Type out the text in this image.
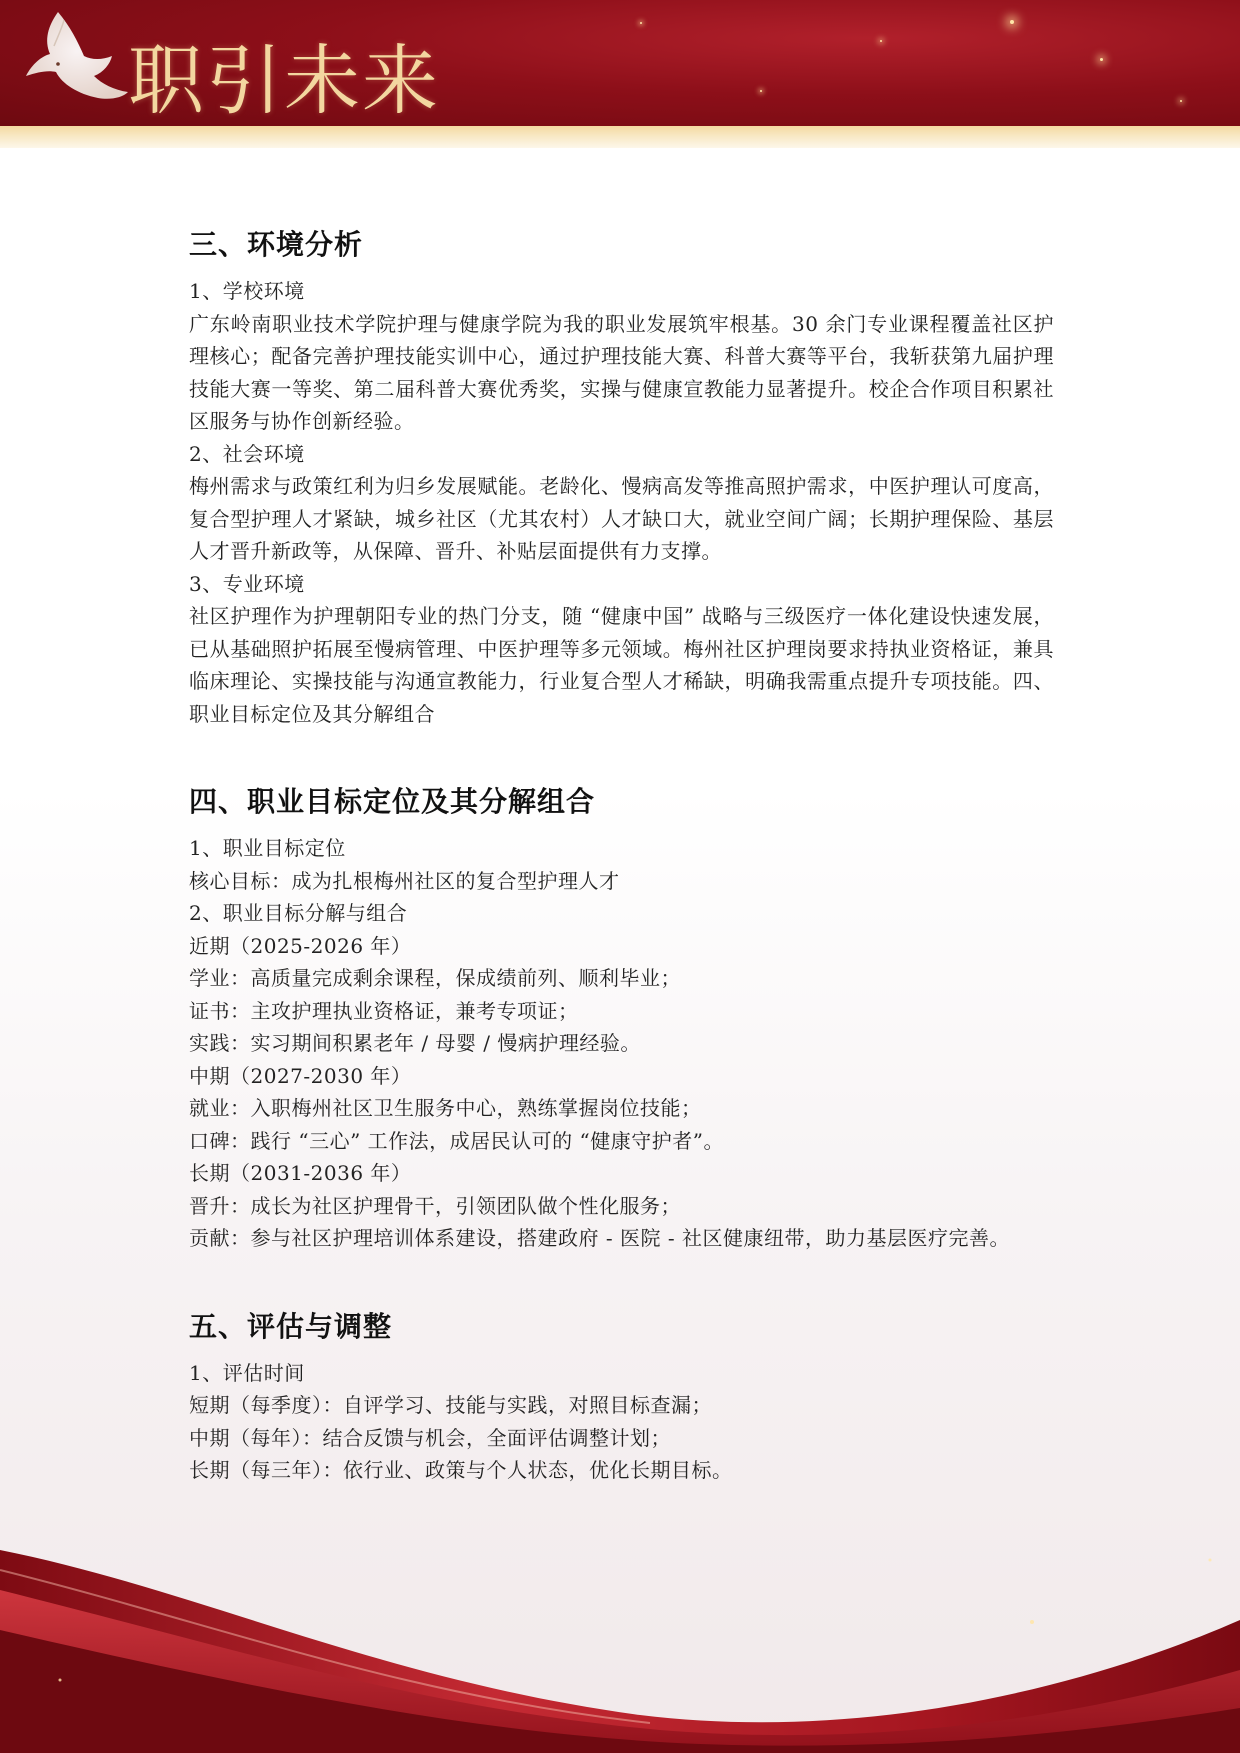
职引未来
三、环境分析

1、学校环境

广东岭南职业技术学院护理与健康学院为我的职业发展筑牢根基。30 余门专业课程覆盖社区护理核心；配备完善护理技能实训中心，通过护理技能大赛、科普大赛等平台，我斩获第九届护理技能大赛一等奖、第二届科普大赛优秀奖，实操与健康宣教能力显著提升。校企合作项目积累社区服务与协作创新经验。

2、社会环境

梅州需求与政策红利为归乡发展赋能。老龄化、慢病高发等推高照护需求，中医护理认可度高，复合型护理人才紧缺，城乡社区（尤其农村）人才缺口大，就业空间广阔；长期护理保险、基层人才晋升新政等，从保障、晋升、补贴层面提供有力支撑。

3、专业环境

社区护理作为护理朝阳专业的热门分支，随 “健康中国” 战略与三级医疗一体化建设快速发展，已从基础照护拓展至慢病管理、中医护理等多元领域。梅州社区护理岗要求持执业资格证，兼具临床理论、实操技能与沟通宣教能力，行业复合型人才稀缺，明确我需重点提升专项技能。四、职业目标定位及其分解组合

四、职业目标定位及其分解组合

1、职业目标定位

核心目标：成为扎根梅州社区的复合型护理人才

2、职业目标分解与组合

近期（2025-2026 年）

学业：高质量完成剩余课程，保成绩前列、顺利毕业；

证书：主攻护理执业资格证，兼考专项证；

实践：实习期间积累老年 / 母婴 / 慢病护理经验。

中期（2027-2030 年）

就业：入职梅州社区卫生服务中心，熟练掌握岗位技能；

口碑：践行 “三心” 工作法，成居民认可的 “健康守护者”。

长期（2031-2036 年）

晋升：成长为社区护理骨干，引领团队做个性化服务；

贡献：参与社区护理培训体系建设，搭建政府 - 医院 - 社区健康纽带，助力基层医疗完善。

五、评估与调整

1、评估时间

短期（每季度）：自评学习、技能与实践，对照目标查漏；

中期（每年）：结合反馈与机会，全面评估调整计划；

长期（每三年）：依行业、政策与个人状态，优化长期目标。
